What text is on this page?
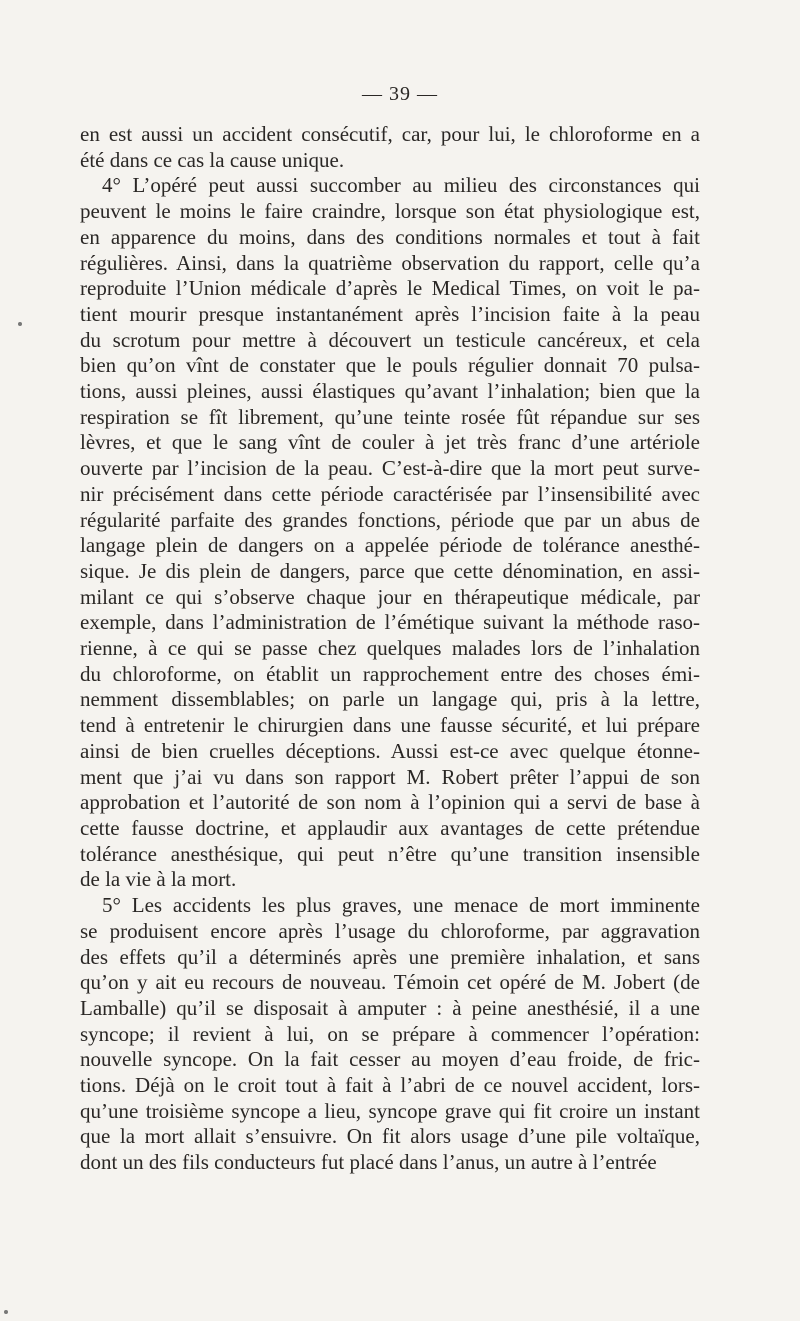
— 39 —
en est aussi un accident consécutif, car, pour lui, le chloroforme en a
été dans ce cas la cause unique.
4° L’opéré peut aussi succomber au milieu des circonstances qui
peuvent le moins le faire craindre, lorsque son état physiologique est,
en apparence du moins, dans des conditions normales et tout à fait
régulières. Ainsi, dans la quatrième observation du rapport, celle qu’a
reproduite l’Union médicale d’après le Medical Times, on voit le pa-
tient mourir presque instantanément après l’incision faite à la peau
du scrotum pour mettre à découvert un testicule cancéreux, et cela
bien qu’on vînt de constater que le pouls régulier donnait 70 pulsa-
tions, aussi pleines, aussi élastiques qu’avant l’inhalation; bien que la
respiration se fît librement, qu’une teinte rosée fût répandue sur ses
lèvres, et que le sang vînt de couler à jet très franc d’une artériole
ouverte par l’incision de la peau. C’est-à-dire que la mort peut surve-
nir précisément dans cette période caractérisée par l’insensibilité avec
régularité parfaite des grandes fonctions, période que par un abus de
langage plein de dangers on a appelée période de tolérance anesthé-
sique. Je dis plein de dangers, parce que cette dénomination, en assi-
milant ce qui s’observe chaque jour en thérapeutique médicale, par
exemple, dans l’administration de l’émétique suivant la méthode raso-
rienne, à ce qui se passe chez quelques malades lors de l’inhalation
du chloroforme, on établit un rapprochement entre des choses émi-
nemment dissemblables; on parle un langage qui, pris à la lettre,
tend à entretenir le chirurgien dans une fausse sécurité, et lui prépare
ainsi de bien cruelles déceptions. Aussi est-ce avec quelque étonne-
ment que j’ai vu dans son rapport M. Robert prêter l’appui de son
approbation et l’autorité de son nom à l’opinion qui a servi de base à
cette fausse doctrine, et applaudir aux avantages de cette prétendue
tolérance anesthésique, qui peut n’être qu’une transition insensible
de la vie à la mort.
5° Les accidents les plus graves, une menace de mort imminente
se produisent encore après l’usage du chloroforme, par aggravation
des effets qu’il a déterminés après une première inhalation, et sans
qu’on y ait eu recours de nouveau. Témoin cet opéré de M. Jobert (de
Lamballe) qu’il se disposait à amputer : à peine anesthésié, il a une
syncope; il revient à lui, on se prépare à commencer l’opération:
nouvelle syncope. On la fait cesser au moyen d’eau froide, de fric-
tions. Déjà on le croit tout à fait à l’abri de ce nouvel accident, lors-
qu’une troisième syncope a lieu, syncope grave qui fit croire un instant
que la mort allait s’ensuivre. On fit alors usage d’une pile voltaïque,
dont un des fils conducteurs fut placé dans l’anus, un autre à l’entrée
